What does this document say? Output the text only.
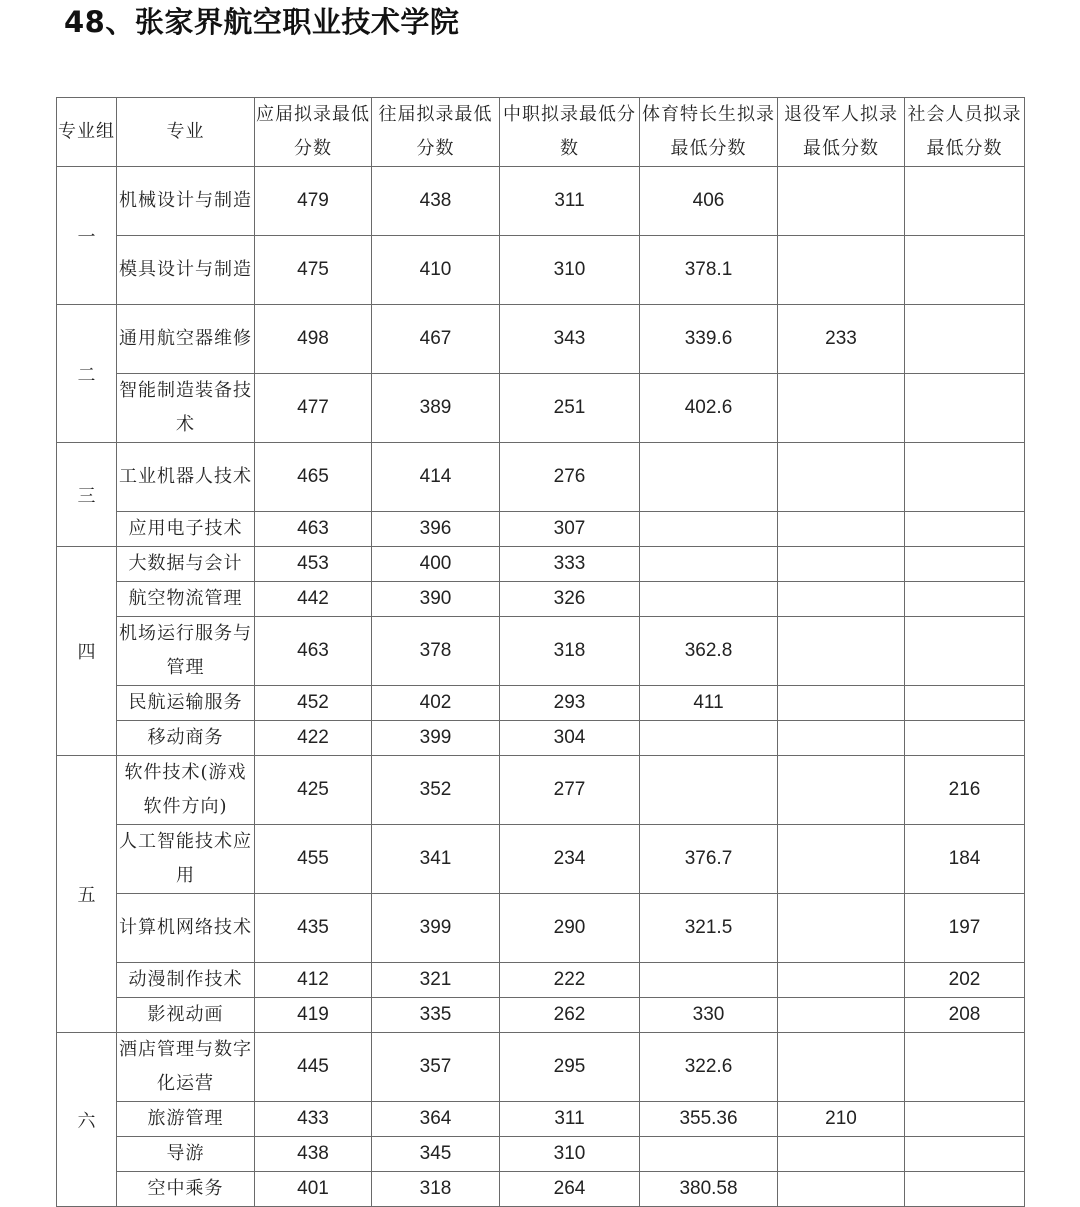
48、张家界航空职业技术学院
专业组	专业	应届拟录最低分数	往届拟录最低分数	中职拟录最低分数	体育特长生拟录最低分数	退役军人拟录最低分数	社会人员拟录最低分数
一	机械设计与制造	479	438	311	406		
	模具设计与制造	475	410	310	378.1		
二	通用航空器维修	498	467	343	339.6	233	
	智能制造装备技术	477	389	251	402.6		
三	工业机器人技术	465	414	276			
	应用电子技术	463	396	307			
四	大数据与会计	453	400	333			
	航空物流管理	442	390	326			
	机场运行服务与管理	463	378	318	362.8		
	民航运输服务	452	402	293	411		
	移动商务	422	399	304			
五	软件技术(游戏软件方向)	425	352	277			216
	人工智能技术应用	455	341	234	376.7		184
	计算机网络技术	435	399	290	321.5		197
	动漫制作技术	412	321	222			202
	影视动画	419	335	262	330		208
六	酒店管理与数字化运营	445	357	295	322.6		
	旅游管理	433	364	311	355.36	210	
	导游	438	345	310			
	空中乘务	401	318	264	380.58		
